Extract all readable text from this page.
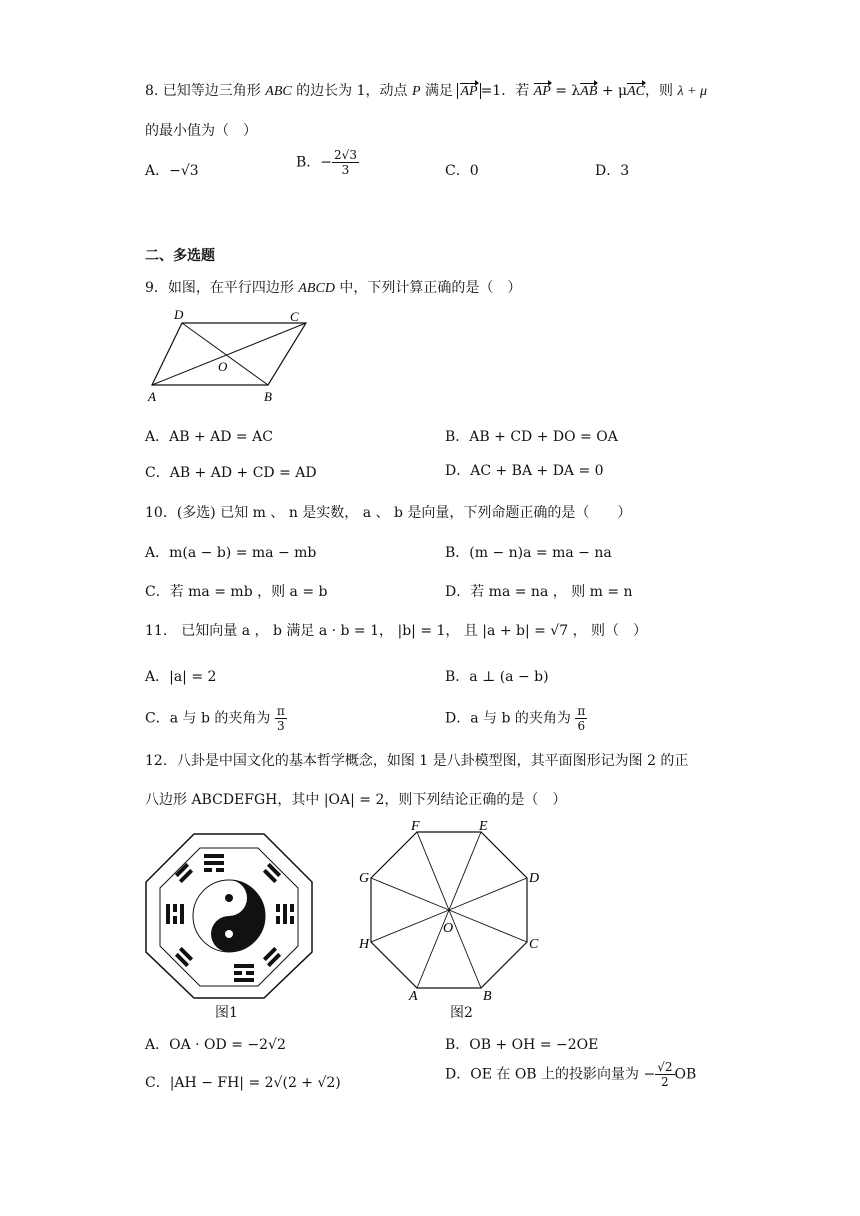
8. 已知等边三角形 ABC 的边长为 1，动点 P 满足 AP =1．若 AP = λAB + μAC，则 λ + μ
的最小值为（　）
A．−√3
B．− $\frac{2√3}{3}$	C．0	D．3
二、多选题
9．如图，在平行四边形 ABCD 中，下列计算正确的是（　）
D	C
O
A	B
A．AB + AD = AC	B．AB + CD + DO = OA
C．AB + AD + CD = AD	D．AC + BA + DA = 0
10．(多选) 已知 m 、 n 是实数， a 、 b 是向量，下列命题正确的是（　　）
A．m(a − b) = ma − mb	B．(m − n)a = ma − na
C．若 ma = mb ，则 a = b	D．若 ma = na ， 则 m = n
11． 已知向量 a ， b 满足 a · b = 1， |b| = 1， 且 |a + b| = √7 ， 则（　）
A．|a| = 2	B．a ⊥ (a − b)
C．a 与 b 的夹角为 $\frac{\pi}{3}$	D．a 与 b 的夹角为 $\frac{\pi}{6}$
12．八卦是中国文化的基本哲学概念，如图 1 是八卦模型图，其平面图形记为图 2 的正
八边形 ABCDEFGH，其中 |OA| = 2，则下列结论正确的是（　）
图1
F	E
D
C
B
A
H
G
O
图2
A．OA · OD = −2√2	B．OB + OH = −2OE
C．|AH − FH| = 2√(2 + √2)
D．OE 在 OB 上的投影向量为 − $\frac{√2}{2}$ OB
